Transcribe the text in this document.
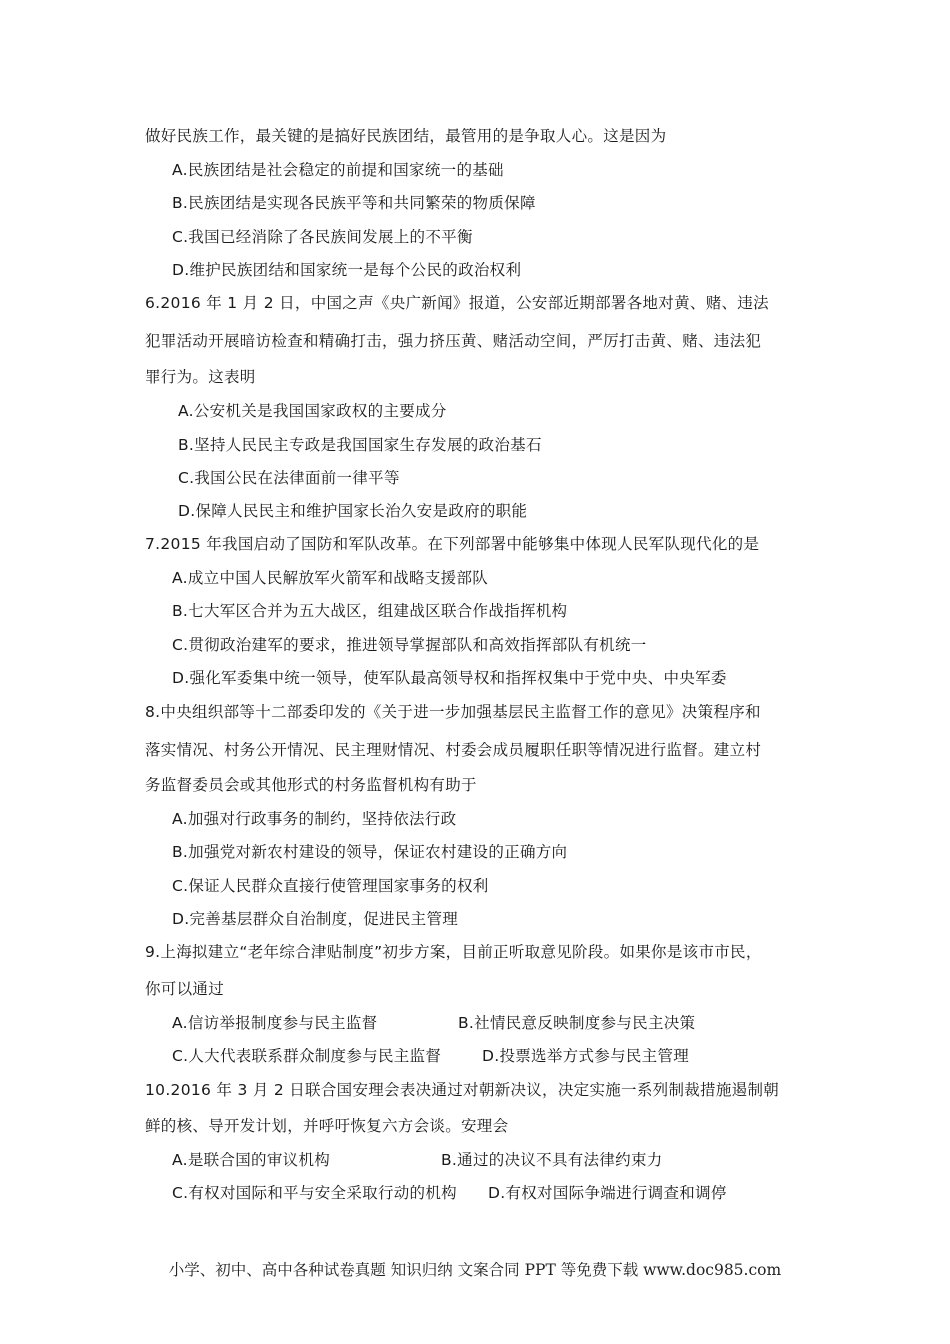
做好民族工作，最关键的是搞好民族团结，最管用的是争取人心。这是因为
A.民族团结是社会稳定的前提和国家统一的基础
B.民族团结是实现各民族平等和共同繁荣的物质保障
C.我国已经消除了各民族间发展上的不平衡
D.维护民族团结和国家统一是每个公民的政治权利
6.2016 年 1 月 2 日，中国之声《央广新闻》报道，公安部近期部署各地对黄、赌、违法
犯罪活动开展暗访检查和精确打击，强力挤压黄、赌活动空间，严厉打击黄、赌、违法犯
罪行为。这表明
A.公安机关是我国国家政权的主要成分
B.坚持人民民主专政是我国国家生存发展的政治基石
C.我国公民在法律面前一律平等
D.保障人民民主和维护国家长治久安是政府的职能
7.2015 年我国启动了国防和军队改革。在下列部署中能够集中体现人民军队现代化的是
A.成立中国人民解放军火箭军和战略支援部队
B.七大军区合并为五大战区，组建战区联合作战指挥机构
C.贯彻政治建军的要求，推进领导掌握部队和高效指挥部队有机统一
D.强化军委集中统一领导，使军队最高领导权和指挥权集中于党中央、中央军委
8.中央组织部等十二部委印发的《关于进一步加强基层民主监督工作的意见》决策程序和
落实情况、村务公开情况、民主理财情况、村委会成员履职任职等情况进行监督。建立村
务监督委员会或其他形式的村务监督机构有助于
A.加强对行政事务的制约，坚持依法行政
B.加强党对新农村建设的领导，保证农村建设的正确方向
C.保证人民群众直接行使管理国家事务的权利
D.完善基层群众自治制度，促进民主管理
9.上海拟建立“老年综合津贴制度”初步方案，目前正听取意见阶段。如果你是该市市民，
你可以通过
A.信访举报制度参与民主监督	B.社情民意反映制度参与民主决策
C.人大代表联系群众制度参与民主监督	D.投票选举方式参与民主管理
10.2016 年 3 月 2 日联合国安理会表决通过对朝新决议，决定实施一系列制裁措施遏制朝
鲜的核、导开发计划，并呼吁恢复六方会谈。安理会
A.是联合国的审议机构	B.通过的决议不具有法律约束力
C.有权对国际和平与安全采取行动的机构 D.有权对国际争端进行调查和调停
小学、初中、高中各种试卷真题 知识归纳 文案合同 PPT 等免费下载 www.doc985.com
